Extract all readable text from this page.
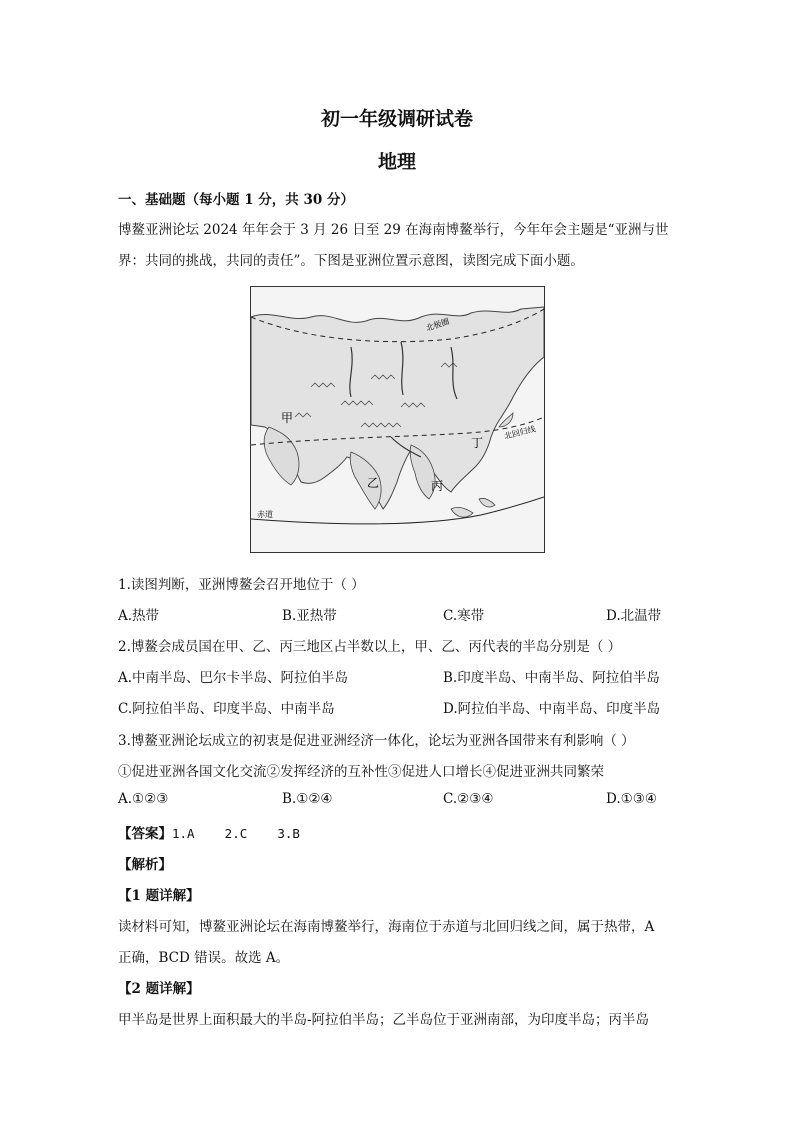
初一年级调研试卷
地理
一、基础题（每小题 1 分，共 30 分）
博鳌亚洲论坛 2024 年年会于 3 月 26 日至 29 在海南博鳌举行，今年年会主题是“亚洲与世
界：共同的挑战，共同的责任”。下图是亚洲位置示意图，读图完成下面小题。
北极圈
北回归线
赤道
甲
乙	丙
丁
1.读图判断，亚洲博鳌会召开地位于（ ）
A.热带	B.亚热带	C.寒带	D.北温带
2.博鳌会成员国在甲、乙、丙三地区占半数以上，甲、乙、丙代表的半岛分别是（ ）
A.中南半岛、巴尔卡半岛、阿拉伯半岛	B.印度半岛、中南半岛、阿拉伯半岛
C.阿拉伯半岛、印度半岛、中南半岛	D.阿拉伯半岛、中南半岛、印度半岛
3.博鳌亚洲论坛成立的初衷是促进亚洲经济一体化，论坛为亚洲各国带来有利影响（ ）
①促进亚洲各国文化交流②发挥经济的互补性③促进人口增长④促进亚洲共同繁荣
A.①②③	B.①②④	C.②③④	D.①③④
【答案】1.A    2.C    3.B
【解析】
【1 题详解】
读材料可知，博鳌亚洲论坛在海南博鳌举行，海南位于赤道与北回归线之间，属于热带，A
正确，BCD 错误。故选 A。
【2 题详解】
甲半岛是世界上面积最大的半岛-阿拉伯半岛；乙半岛位于亚洲南部，为印度半岛；丙半岛
